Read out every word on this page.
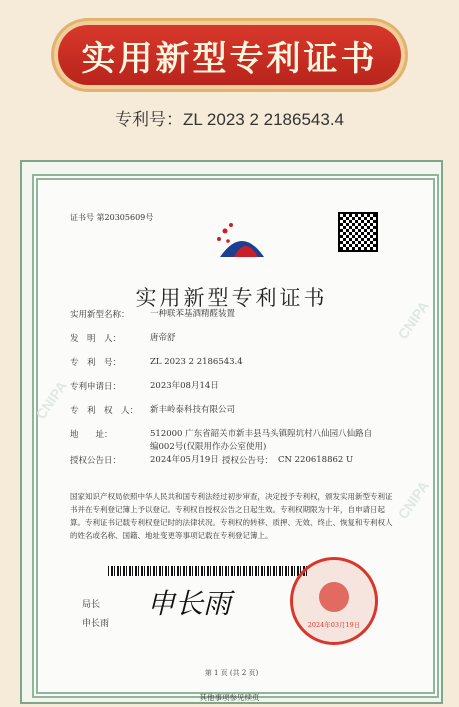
实用新型专利证书
专利号：ZL 2023 2 2186543.4
CNIPA
CNIPA
CNIPA
证书号 第20305609号
实用新型专利证书
实用新型名称：	一种联苯基酒精醛装置
发　明　人：	唐帝舒
专　利　号：	ZL 2023 2 2186543.4
专利申请日：	2023年08月14日
专　利　权　人：	新丰岭泰科技有限公司
地　　址：	512000 广东省韶关市新丰县马头镇隍坑村八仙园八仙路自编002号(仅限用作办公室使用)
授权公告日：	2024年05月19日 授权公告号： CN 220618862 U
国家知识产权局依照中华人民共和国专利法经过初步审查，决定授予专利权，颁发实用新型专利证书并在专利登记簿上予以登记。专利权自授权公告之日起生效。专利权期限为十年，自申请日起算。专利证书记载专利权登记时的法律状况。专利权的转移、质押、无效、终止、恢复和专利权人的姓名或名称、国籍、地址变更等事项记载在专利登记簿上。
局长
申长雨
申长雨
2024年03月19日
第 1 页 (共 2 页)
其他事项参见续页
